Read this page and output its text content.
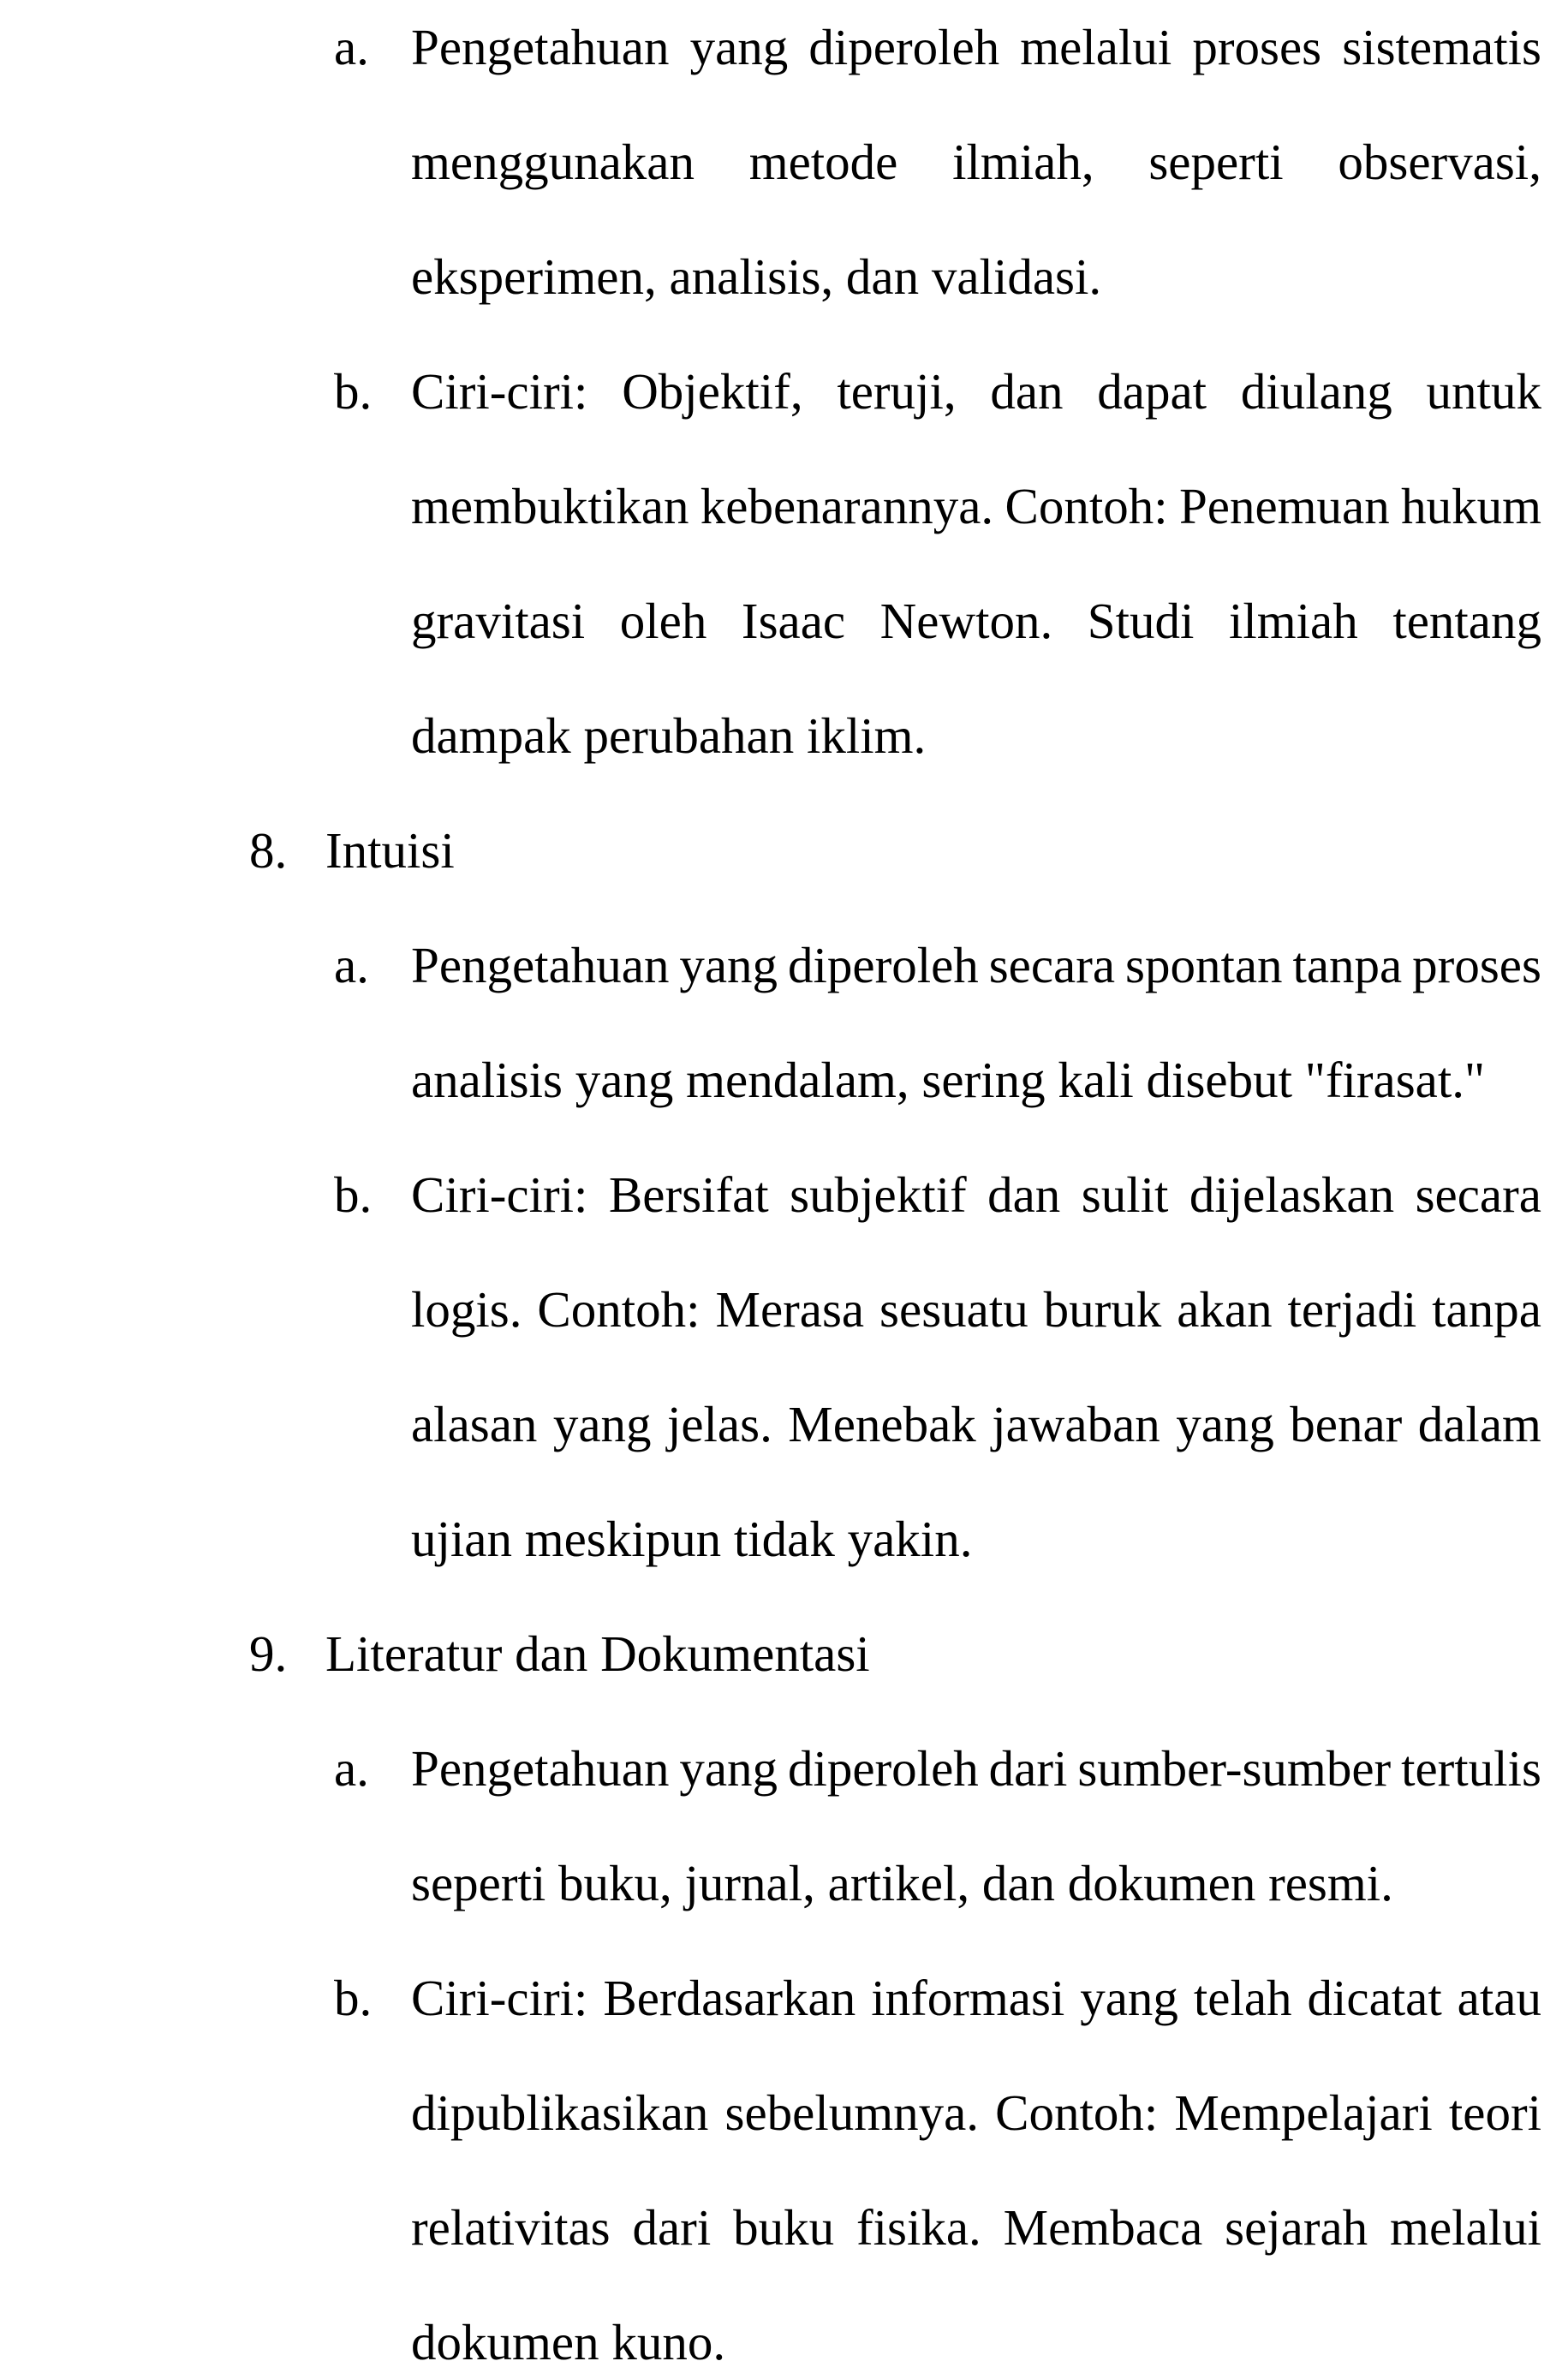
a. Pengetahuan yang diperoleh melalui proses sistematis
menggunakan metode ilmiah, seperti observasi,
eksperimen, analisis, dan validasi.
b. Ciri-ciri: Objektif, teruji, dan dapat diulang untuk
membuktikan kebenarannya. Contoh: Penemuan hukum
gravitasi oleh Isaac Newton. Studi ilmiah tentang
dampak perubahan iklim.
8. Intuisi
a. Pengetahuan yang diperoleh secara spontan tanpa proses
analisis yang mendalam, sering kali disebut "firasat."
b. Ciri-ciri: Bersifat subjektif dan sulit dijelaskan secara
logis. Contoh: Merasa sesuatu buruk akan terjadi tanpa
alasan yang jelas. Menebak jawaban yang benar dalam
ujian meskipun tidak yakin.
9. Literatur dan Dokumentasi
a. Pengetahuan yang diperoleh dari sumber-sumber tertulis
seperti buku, jurnal, artikel, dan dokumen resmi.
b. Ciri-ciri: Berdasarkan informasi yang telah dicatat atau
dipublikasikan sebelumnya. Contoh: Mempelajari teori
relativitas dari buku fisika. Membaca sejarah melalui
dokumen kuno.
